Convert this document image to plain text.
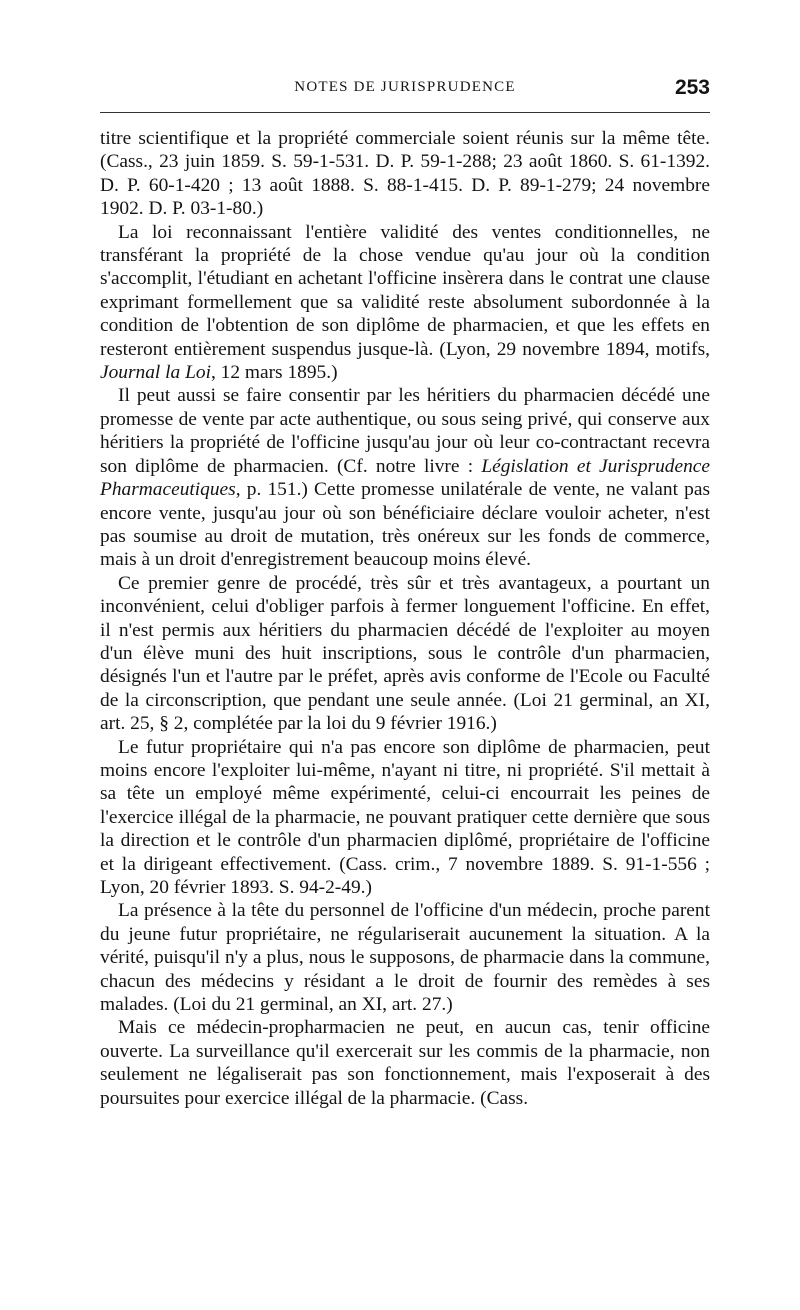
NOTES DE JURISPRUDENCE	253

titre scientifique et la propriété commerciale soient réunis sur la même tête. (Cass., 23 juin 1859. S. 59-1-531. D. P. 59-1-288; 23 août 1860. S. 61-1392. D. P. 60-1-420 ; 13 août 1888. S. 88-1-415. D. P. 89-1-279; 24 novembre 1902. D. P. 03-1-80.)

La loi reconnaissant l'entière validité des ventes conditionnelles, ne transférant la propriété de la chose vendue qu'au jour où la condition s'accomplit, l'étudiant en achetant l'officine insèrera dans le contrat une clause exprimant formellement que sa validité reste absolument subordonnée à la condition de l'obtention de son diplôme de pharmacien, et que les effets en resteront entièrement suspendus jusque-là. (Lyon, 29 novembre 1894, motifs, Journal la Loi, 12 mars 1895.)

Il peut aussi se faire consentir par les héritiers du pharmacien décédé une promesse de vente par acte authentique, ou sous seing privé, qui conserve aux héritiers la propriété de l'officine jusqu'au jour où leur co-contractant recevra son diplôme de pharmacien. (Cf. notre livre : Législation et Jurisprudence Pharmaceutiques, p. 151.) Cette promesse unilatérale de vente, ne valant pas encore vente, jusqu'au jour où son bénéficiaire déclare vouloir acheter, n'est pas soumise au droit de mutation, très onéreux sur les fonds de commerce, mais à un droit d'enregistrement beaucoup moins élevé.

Ce premier genre de procédé, très sûr et très avantageux, a pourtant un inconvénient, celui d'obliger parfois à fermer longuement l'officine. En effet, il n'est permis aux héritiers du pharmacien décédé de l'exploiter au moyen d'un élève muni des huit inscriptions, sous le contrôle d'un pharmacien, désignés l'un et l'autre par le préfet, après avis conforme de l'Ecole ou Faculté de la circonscription, que pendant une seule année. (Loi 21 germinal, an XI, art. 25, § 2, complétée par la loi du 9 février 1916.)

Le futur propriétaire qui n'a pas encore son diplôme de pharmacien, peut moins encore l'exploiter lui-même, n'ayant ni titre, ni propriété. S'il mettait à sa tête un employé même expérimenté, celui-ci encourrait les peines de l'exercice illégal de la pharmacie, ne pouvant pratiquer cette dernière que sous la direction et le contrôle d'un pharmacien diplômé, propriétaire de l'officine et la dirigeant effectivement. (Cass. crim., 7 novembre 1889. S. 91-1-556 ; Lyon, 20 février 1893. S. 94-2-49.)

La présence à la tête du personnel de l'officine d'un médecin, proche parent du jeune futur propriétaire, ne régulariserait aucunement la situation. A la vérité, puisqu'il n'y a plus, nous le supposons, de pharmacie dans la commune, chacun des médecins y résidant a le droit de fournir des remèdes à ses malades. (Loi du 21 germinal, an XI, art. 27.)

Mais ce médecin-propharmacien ne peut, en aucun cas, tenir officine ouverte. La surveillance qu'il exercerait sur les commis de la pharmacie, non seulement ne légaliserait pas son fonctionnement, mais l'exposerait à des poursuites pour exercice illégal de la pharmacie. (Cass.
